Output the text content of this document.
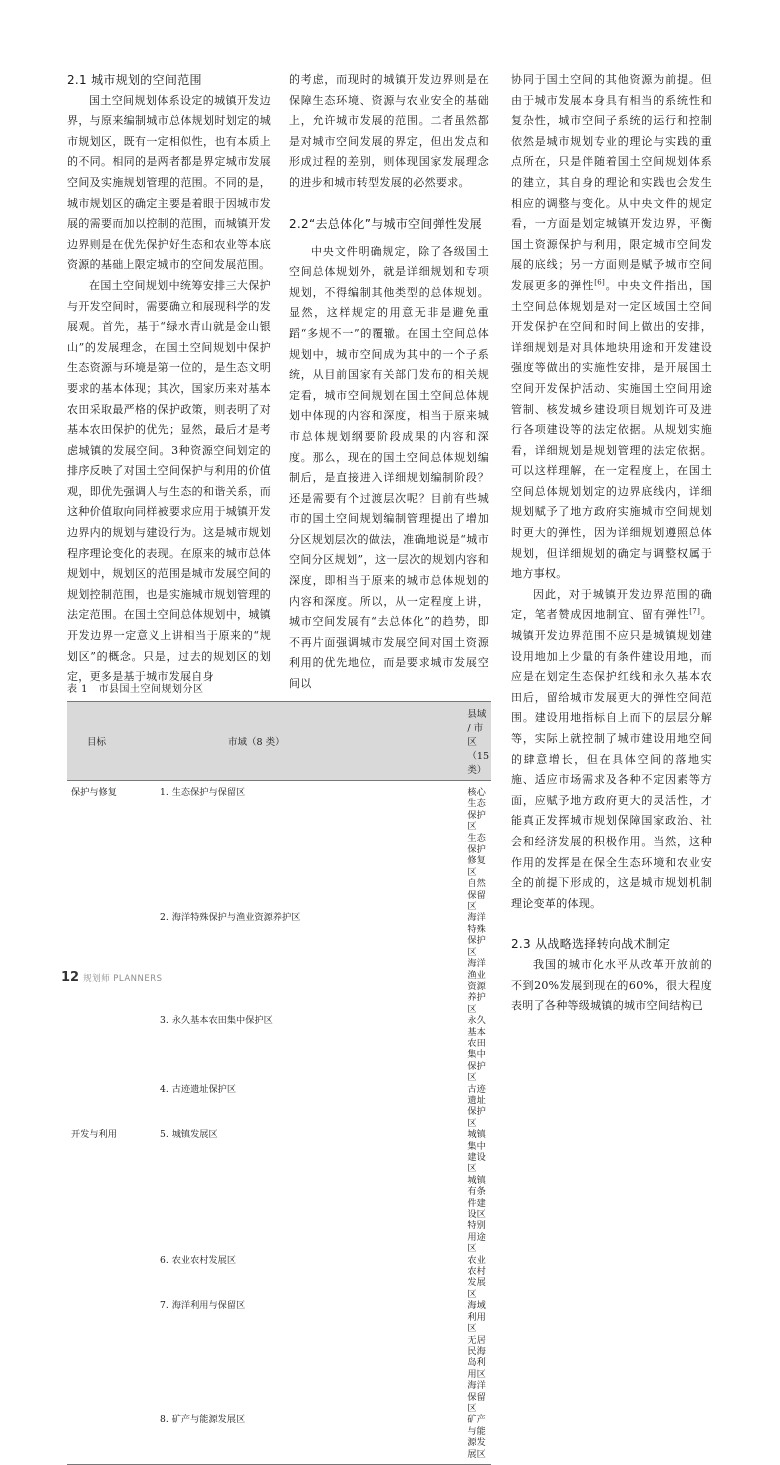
2.1 城市规划的空间范围

国土空间规划体系设定的城镇开发边界，与原来编制城市总体规划时划定的城市规划区，既有一定相似性，也有本质上的不同。相同的是两者都是界定城市发展空间及实施规划管理的范围。不同的是，城市规划区的确定主要是着眼于因城市发展的需要而加以控制的范围，而城镇开发边界则是在优先保护好生态和农业等本底资源的基础上限定城市的空间发展范围。

在国土空间规划中统筹安排三大保护与开发空间时，需要确立和展现科学的发展观。首先，基于“绿水青山就是金山银山”的发展理念，在国土空间规划中保护生态资源与环境是第一位的，是生态文明要求的基本体现；其次，国家历来对基本农田采取最严格的保护政策，则表明了对基本农田保护的优先；显然，最后才是考虑城镇的发展空间。3种资源空间划定的排序反映了对国土空间保护与利用的价值观，即优先强调人与生态的和谐关系，而这种价值取向同样被要求应用于城镇开发边界内的规划与建设行为。这是城市规划程序理论变化的表现。在原来的城市总体规划中，规划区的范围是城市发展空间的规划控制范围，也是实施城市规划管理的法定范围。在国土空间总体规划中，城镇开发边界一定意义上讲相当于原来的“规划区”的概念。只是，过去的规划区的划定，更多是基于城市发展自身

的考虑，而现时的城镇开发边界则是在保障生态环境、资源与农业安全的基础上，允许城市发展的范围。二者虽然都是对城市空间发展的界定，但出发点和形成过程的差别，则体现国家发展理念的进步和城市转型发展的必然要求。

2.2“去总体化”与城市空间弹性发展

中央文件明确规定，除了各级国土空间总体规划外，就是详细规划和专项规划，不得编制其他类型的总体规划。显然，这样规定的用意无非是避免重蹈“多规不一”的覆辙。在国土空间总体规划中，城市空间成为其中的一个子系统，从目前国家有关部门发布的相关规定看，城市空间规划在国土空间总体规划中体现的内容和深度，相当于原来城市总体规划纲要阶段成果的内容和深度。那么，现在的国土空间总体规划编制后，是直接进入详细规划编制阶段？还是需要有个过渡层次呢？目前有些城市的国土空间规划编制管理提出了增加分区规划层次的做法，准确地说是“城市空间分区规划”，这一层次的规划内容和深度，即相当于原来的城市总体规划的内容和深度。所以，从一定程度上讲，城市空间发展有“去总体化”的趋势，即不再片面强调城市发展空间对国土资源利用的优先地位，而是要求城市发展空间以

协同于国土空间的其他资源为前提。但由于城市发展本身具有相当的系统性和复杂性，城市空间子系统的运行和控制依然是城市规划专业的理论与实践的重点所在，只是伴随着国土空间规划体系的建立，其自身的理论和实践也会发生相应的调整与变化。从中央文件的规定看，一方面是划定城镇开发边界，平衡国土资源保护与利用，限定城市空间发展的底线；另一方面则是赋予城市空间发展更多的弹性[6]。中央文件指出，国土空间总体规划是对一定区域国土空间开发保护在空间和时间上做出的安排，详细规划是对具体地块用途和开发建设强度等做出的实施性安排，是开展国土空间开发保护活动、实施国土空间用途管制、核发城乡建设项目规划许可及进行各项建设等的法定依据。从规划实施看，详细规划是规划管理的法定依据。可以这样理解，在一定程度上，在国土空间总体规划划定的边界底线内，详细规划赋予了地方政府实施城市空间规划时更大的弹性，因为详细规划遵照总体规划，但详细规划的确定与调整权属于地方事权。

因此，对于城镇开发边界范围的确定，笔者赞成因地制宜、留有弹性[7]。城镇开发边界范围不应只是城镇规划建设用地加上少量的有条件建设用地，而应是在划定生态保护红线和永久基本农田后，留给城市发展更大的弹性空间范围。建设用地指标自上而下的层层分解等，实际上就控制了城市建设用地空间的肆意增长，但在具体空间的落地实施、适应市场需求及各种不定因素等方面，应赋予地方政府更大的灵活性，才能真正发挥城市规划保障国家政治、社会和经济发展的积极作用。当然，这种作用的发挥是在保全生态环境和农业安全的前提下形成的，这是城市规划机制理论变革的体现。

2.3 从战略选择转向战术制定

我国的城市化水平从改革开放前的不到20%发展到现在的60%，很大程度表明了各种等级城镇的城市空间结构已

表 1　市县国土空间规划分区
目标	市域（8 类）	县域 / 市区（15 类）
保护与修复	1. 生态保护与保留区	核心生态保护区
生态保护修复区
自然保留区

	2. 海洋特殊保护与渔业资源养护区	海洋特殊保护区
海洋渔业资源养护区

	3. 永久基本农田集中保护区	永久基本农田集中保护区

	4. 古迹遗址保护区	古迹遗址保护区

开发与利用	5. 城镇发展区	城镇集中建设区
城镇有条件建设区
特别用途区

	6. 农业农村发展区	农业农村发展区

	7. 海洋利用与保留区	海域利用区
无居民海岛利用区
海洋保留区

	8. 矿产与能源发展区	矿产与能源发展区
12 规划师 PLANNERS
